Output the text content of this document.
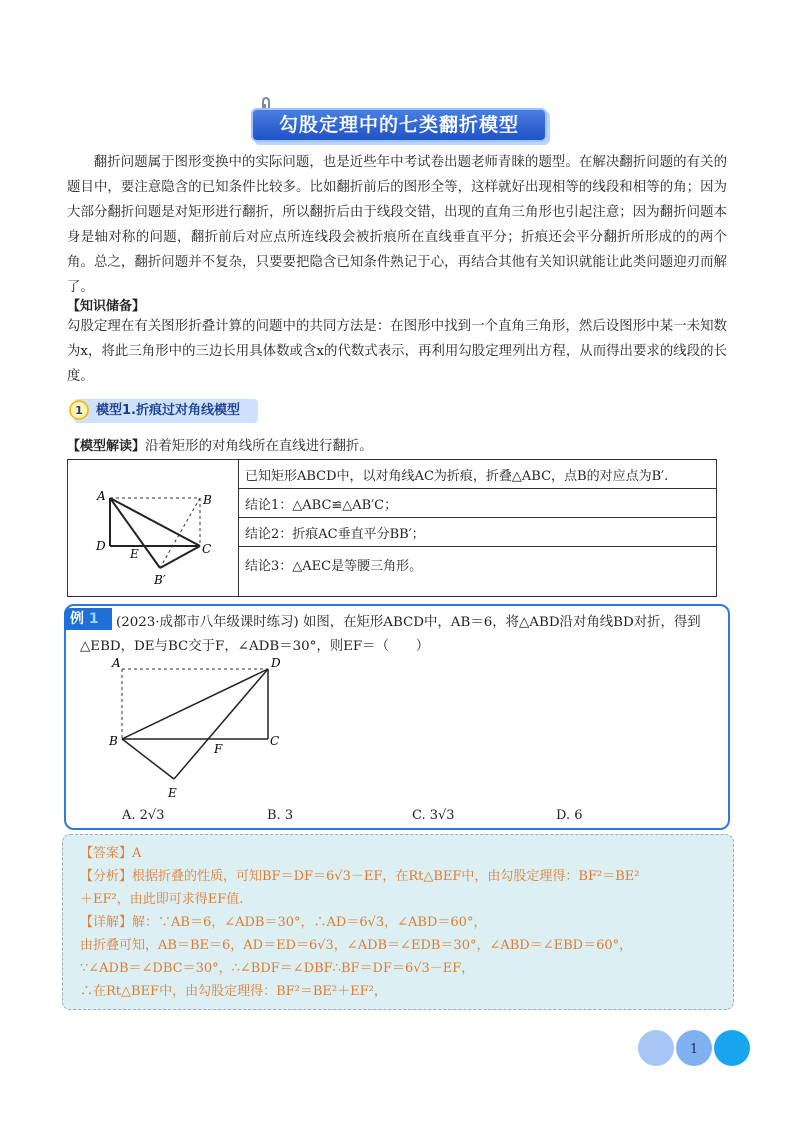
勾股定理中的七类翻折模型
翻折问题属于图形变换中的实际问题，也是近些年中考试卷出题老师青睐的题型。在解决翻折问题的有关的题目中，要注意隐含的已知条件比较多。比如翻折前后的图形全等，这样就好出现相等的线段和相等的角；因为大部分翻折问题是对矩形进行翻折，所以翻折后由于线段交错，出现的直角三角形也引起注意；因为翻折问题本身是轴对称的问题，翻折前后对应点所连线段会被折痕所在直线垂直平分；折痕还会平分翻折所形成的的两个角。总之，翻折问题并不复杂，只要要把隐含已知条件熟记于心，再结合其他有关知识就能让此类问题迎刃而解了。
【知识储备】
勾股定理在有关图形折叠计算的问题中的共同方法是：在图形中找到一个直角三角形，然后设图形中某一未知数为x，将此三角形中的三边长用具体数或含x的代数式表示，再利用勾股定理列出方程，从而得出要求的线段的长度。
模型1.折痕过对角线模型
1
【模型解读】沿着矩形的对角线所在直线进行翻折。
A	B
D
E	C
B′
	已知矩形ABCD中，以对角线AC为折痕，折叠△ABC，点B的对应点为B′.
结论1：△ABC≌△AB′C；
结论2：折痕AC垂直平分BB′；
结论3：△AEC是等腰三角形。
例 1	(2023·成都市八年级课时练习) 如图，在矩形ABCD中，AB＝6，将△ABD沿对角线BD对折，得到
△EBD，DE与BC交于F，∠ADB＝30°，则EF＝（　　）
A	D
B	C
F
E
A. 2√3	B. 3	C. 3√3	D. 6
【答案】A
【分析】根据折叠的性质，可知BF＝DF＝6√3－EF，在Rt△BEF中，由勾股定理得：BF²＝BE²
＋EF²，由此即可求得EF值.
【详解】解：∵AB＝6，∠ADB＝30°，∴AD＝6√3，∠ABD＝60°，
由折叠可知，AB＝BE＝6，AD＝ED＝6√3，∠ADB＝∠EDB＝30°，∠ABD＝∠EBD＝60°，
∵∠ADB＝∠DBC＝30°，∴∠BDF＝∠DBF∴BF＝DF＝6√3－EF，
∴在Rt△BEF中，由勾股定理得：BF²＝BE²＋EF²，
1
